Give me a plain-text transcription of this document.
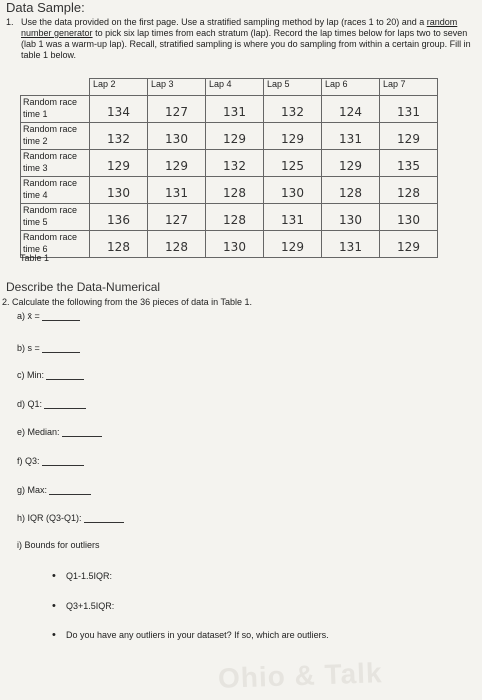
Data Sample:
1. Use the data provided on the first page. Use a stratified sampling method by lap (races 1 to 20) and a random number generator to pick six lap times from each stratum (lap). Record the lap times below for laps two to seven (lab 1 was a warm-up lap). Recall, stratified sampling is where you do sampling from within a certain group. Fill in table 1 below.
	Lap 2	Lap 3	Lap 4	Lap 5	Lap 6	Lap 7
Random race time 1	134	127	131	132	124	131
Random race time 2	132	130	129	129	131	129
Random race time 3	129	129	132	125	129	135
Random race time 4	130	131	128	130	128	128
Random race time 5	136	127	128	131	130	130
Random race time 6	128	128	130	129	131	129
Table 1
Describe the Data-Numerical
2. Calculate the following from the 36 pieces of data in Table 1.
a) x̄ =
b) s =
c) Min:
d) Q1:
e) Median:
f) Q3:
g) Max:
h) IQR (Q3-Q1):
i) Bounds for outliers
• Q1-1.5IQR:
• Q3+1.5IQR:
• Do you have any outliers in your dataset? If so, which are outliers.
Ohio & Talk
